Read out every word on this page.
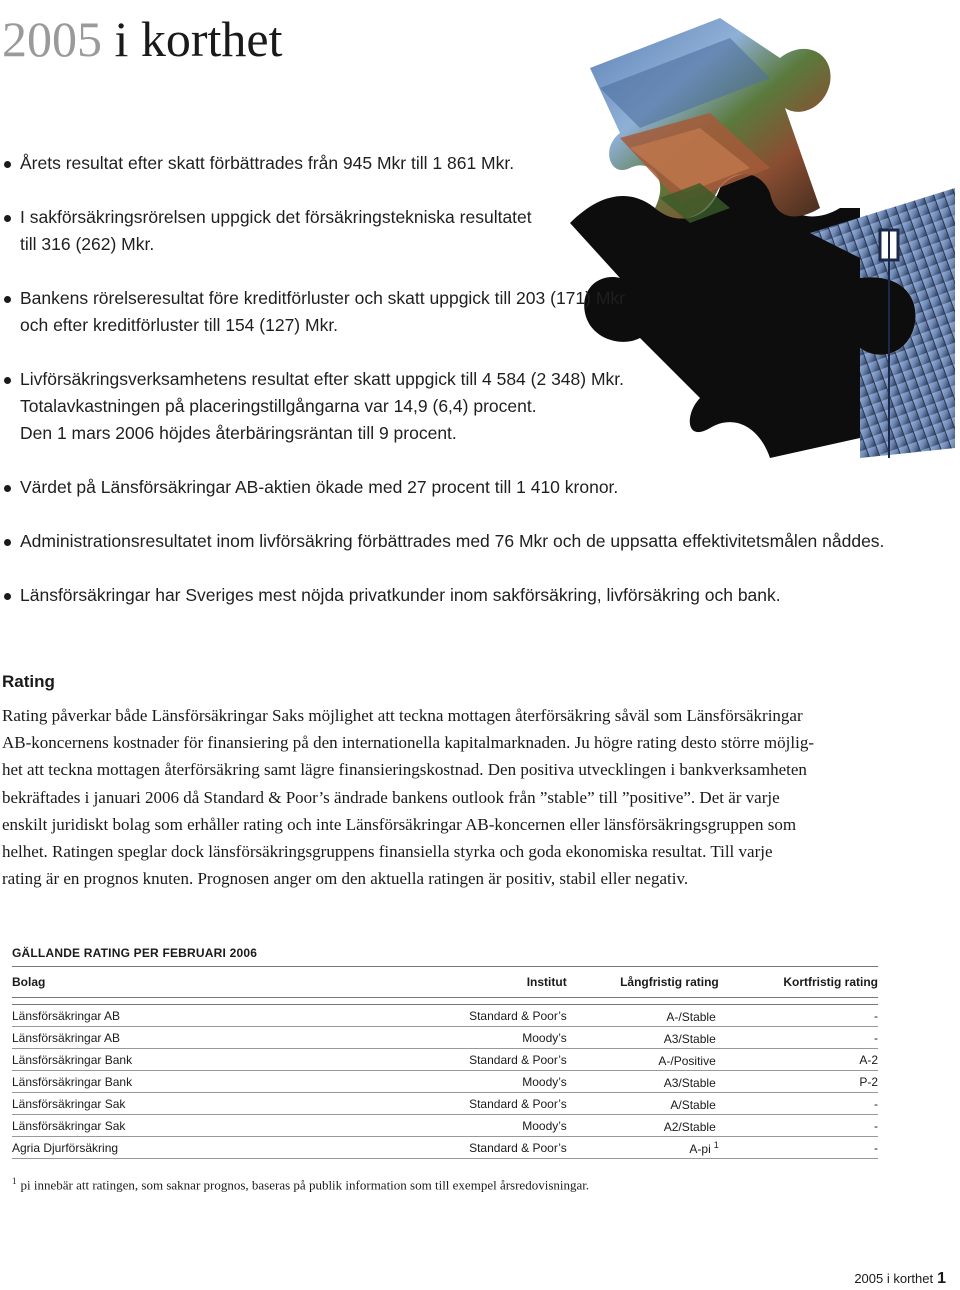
2005 i korthet
Årets resultat efter skatt förbättrades från 945 Mkr till 1 861 Mkr.
I sakförsäkringsrörelsen uppgick det försäkringstekniska resultatet
till 316 (262) Mkr.
Bankens rörelseresultat före kreditförluster och skatt uppgick till 203 (171) Mkr
och efter kreditförluster till 154 (127) Mkr.
Livförsäkringsverksamhetens resultat efter skatt uppgick till 4 584 (2 348) Mkr.
Totalavkastningen på placeringstillgångarna var 14,9 (6,4) procent.
Den 1 mars 2006 höjdes återbäringsräntan till 9 procent.
Värdet på Länsförsäkringar AB-aktien ökade med 27 procent till 1 410 kronor.
Administrationsresultatet inom livförsäkring förbättrades med 76 Mkr och de uppsatta effektivitetsmålen nåddes.
Länsförsäkringar har Sveriges mest nöjda privatkunder inom sakförsäkring, livförsäkring och bank.
Rating
Rating påverkar både Länsförsäkringar Saks möjlighet att teckna mottagen återförsäkring såväl som Länsförsäkringar
AB-koncernens kostnader för finansiering på den internationella kapitalmarknaden. Ju högre rating desto större möjlig-
het att teckna mottagen återförsäkring samt lägre finansieringskostnad. Den positiva utvecklingen i bankverksamheten
bekräftades i januari 2006 då Standard & Poor’s ändrade bankens outlook från ”stable” till ”positive”. Det är varje
enskilt juridiskt bolag som erhåller rating och inte Länsförsäkringar AB-koncernen eller länsförsäkringsgruppen som
helhet. Ratingen speglar dock länsförsäkringsgruppens finansiella styrka och goda ekonomiska resultat. Till varje
rating är en prognos knuten. Prognosen anger om den aktuella ratingen är positiv, stabil eller negativ.
GÄLLANDE RATING PER FEBRUARI 2006
Bolag	Institut	Långfristig rating	Kortfristig rating

Länsförsäkringar AB	Standard & Poor’s	A-/Stable	-
Länsförsäkringar AB	Moody’s	A3/Stable	-
Länsförsäkringar Bank	Standard & Poor’s	A-/Positive	A-2
Länsförsäkringar Bank	Moody’s	A3/Stable	P-2
Länsförsäkringar Sak	Standard & Poor’s	A/Stable	-
Länsförsäkringar Sak	Moody’s	A2/Stable	-
Agria Djurförsäkring	Standard & Poor’s	A-pi $^1$	-
$^1$ pi innebär att ratingen, som saknar prognos, baseras på publik information som till exempel årsredovisningar.
2005 i korthet 1
